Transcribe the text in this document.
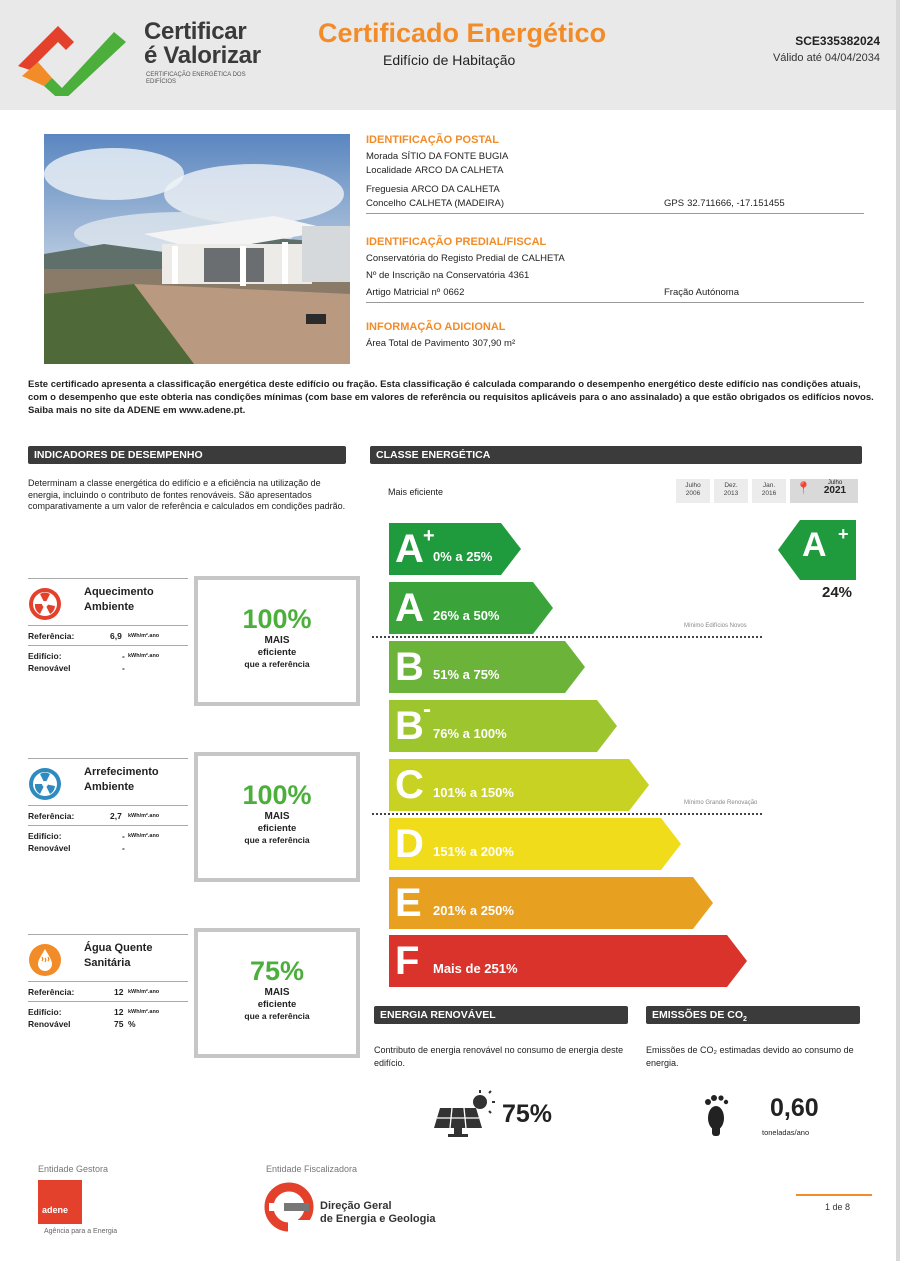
Certificar
é Valorizar
CERTIFICAÇÃO ENERGÉTICA DOS EDIFÍCIOS
Certificado Energético
Edifício de Habitação
SCE335382024
Válido até 04/04/2034
IDENTIFICAÇÃO POSTAL
Morada SÍTIO DA FONTE BUGIA
Localidade ARCO DA CALHETA
Freguesia ARCO DA CALHETA
Concelho CALHETA (MADEIRA)	GPS 32.711666, -17.151455
IDENTIFICAÇÃO PREDIAL/FISCAL
Conservatória do Registo Predial de CALHETA
Nº de Inscrição na Conservatória 4361
Artigo Matricial nº 0662	Fração Autónoma
INFORMAÇÃO ADICIONAL
Área Total de Pavimento 307,90 m²
Este certificado apresenta a classificação energética deste edifício ou fração. Esta classificação é calculada comparando o desempenho energético deste edifício nas condições atuais, com o desempenho que este obteria nas condições mínimas (com base em valores de referência ou requisitos aplicáveis para o ano assinalado) a que estão obrigados os edifícios novos. Saiba mais no site da ADENE em www.adene.pt.
INDICADORES DE DESEMPENHO
Determinam a classe energética do edifício e a eficiência na utilização de energia, incluindo o contributo de fontes renováveis. São apresentados comparativamente a um valor de referência e calculados em condições padrão.
Aquecimento
Ambiente
Referência:	6,9 kWh/m².ano
Edifício:	- kWh/m².ano
Renovável	-
100%
MAIS
eficiente
que a referência
Arrefecimento
Ambiente
Referência:	2,7 kWh/m².ano
Edifício:	- kWh/m².ano
Renovável	-
100%
MAIS
eficiente
que a referência
Água Quente
Sanitária
Referência:	12 kWh/m².ano
Edifício:	12 kWh/m².ano
Renovável	75 %
75%
MAIS
eficiente
que a referência
CLASSE ENERGÉTICA
Mais eficiente
Julho
2006
Dez.
2013
Jan.
2016	📍	Julho
2021
A +
0% a 25%
A 26% a 50%
Mínimo Edifícios Novos
B 51% a 75%
B -
76% a 100%
C 101% a 150%
Mínimo Grande Renovação
D 151% a 200%
E 201% a 250%
F Mais de 251%
A +
24%
ENERGIA RENOVÁVEL
Contributo de energia renovável no consumo de energia deste edifício.
75%
EMISSÕES DE $CO_2$
Emissões de CO₂ estimadas devido ao consumo de energia.
0,60
toneladas/ano
Entidade Gestora
adene
Agência para a Energia
Entidade Fiscalizadora
Direção Geral
de Energia e Geologia
1 de 8
